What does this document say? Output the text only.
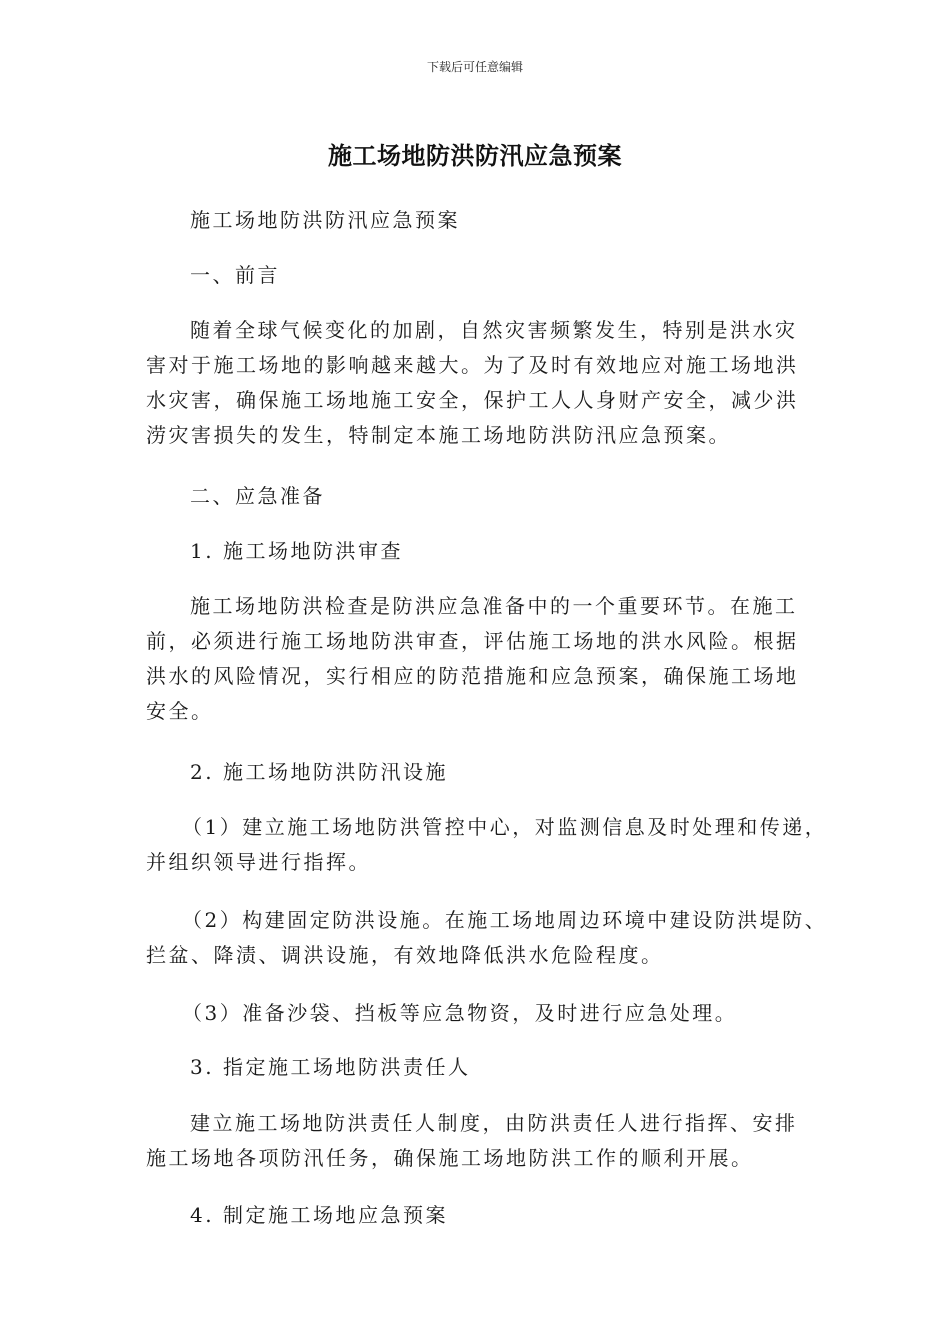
下载后可任意编辑
施工场地防洪防汛应急预案
施工场地防洪防汛应急预案
一、前言
随着全球气候变化的加剧，自然灾害频繁发生，特别是洪水灾
害对于施工场地的影响越来越大。为了及时有效地应对施工场地洪
水灾害，确保施工场地施工安全，保护工人人身财产安全，减少洪
涝灾害损失的发生，特制定本施工场地防洪防汛应急预案。
二、应急准备
1. 施工场地防洪审查
施工场地防洪检查是防洪应急准备中的一个重要环节。在施工
前，必须进行施工场地防洪审查，评估施工场地的洪水风险。根据
洪水的风险情况，实行相应的防范措施和应急预案，确保施工场地
安全。
2. 施工场地防洪防汛设施
（1）建立施工场地防洪管控中心，对监测信息及时处理和传递，
并组织领导进行指挥。
（2）构建固定防洪设施。在施工场地周边环境中建设防洪堤防、
拦盆、降渍、调洪设施，有效地降低洪水危险程度。
（3）准备沙袋、挡板等应急物资，及时进行应急处理。
3. 指定施工场地防洪责任人
建立施工场地防洪责任人制度，由防洪责任人进行指挥、安排
施工场地各项防汛任务，确保施工场地防洪工作的顺利开展。
4. 制定施工场地应急预案
